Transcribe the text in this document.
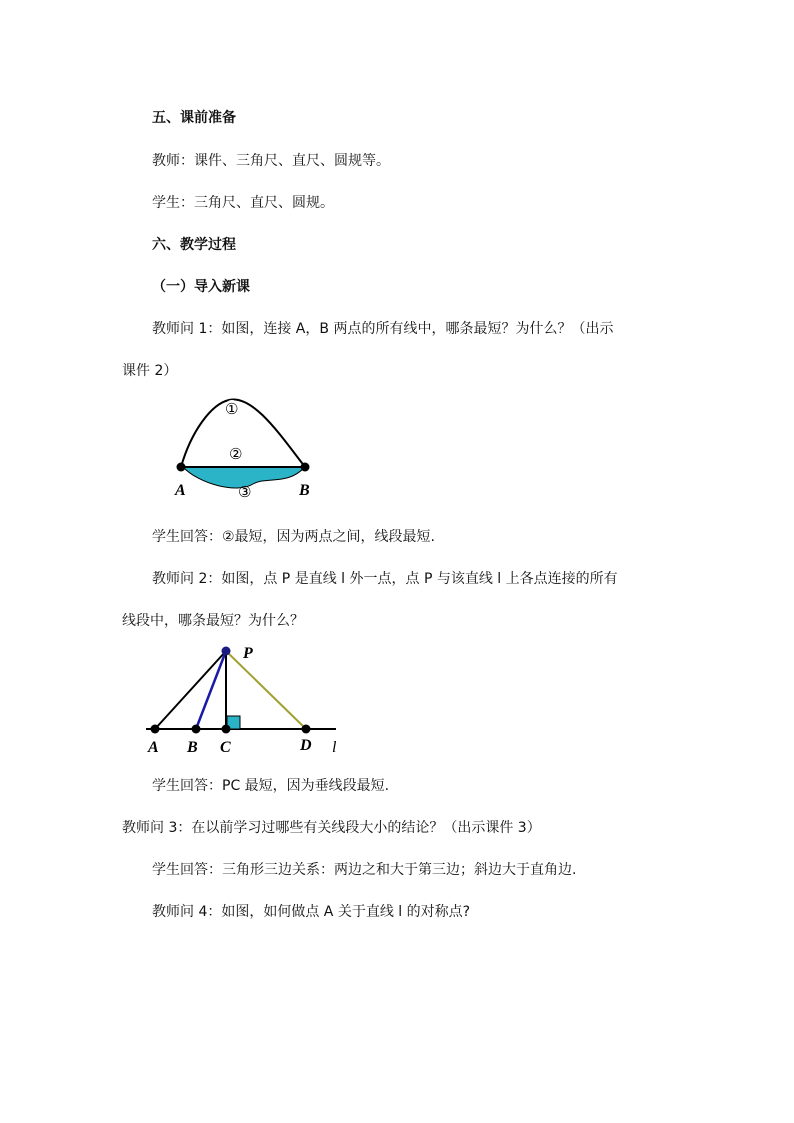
五、课前准备
教师：课件、三角尺、直尺、圆规等。
学生：三角尺、直尺、圆规。
六、教学过程
（一）导入新课
教师问 1：如图，连接 A，B 两点的所有线中，哪条最短？为什么？（出示
课件 2）
①
②
③
A	B
学生回答：②最短，因为两点之间，线段最短.
教师问 2：如图，点 P 是直线 l 外一点，点 P 与该直线 l 上各点连接的所有
线段中，哪条最短？为什么？
P
A B C	D l
学生回答：PC 最短，因为垂线段最短.
教师问 3：在以前学习过哪些有关线段大小的结论？（出示课件 3）
学生回答：三角形三边关系：两边之和大于第三边；斜边大于直角边.
教师问 4：如图，如何做点 A 关于直线 l 的对称点?
